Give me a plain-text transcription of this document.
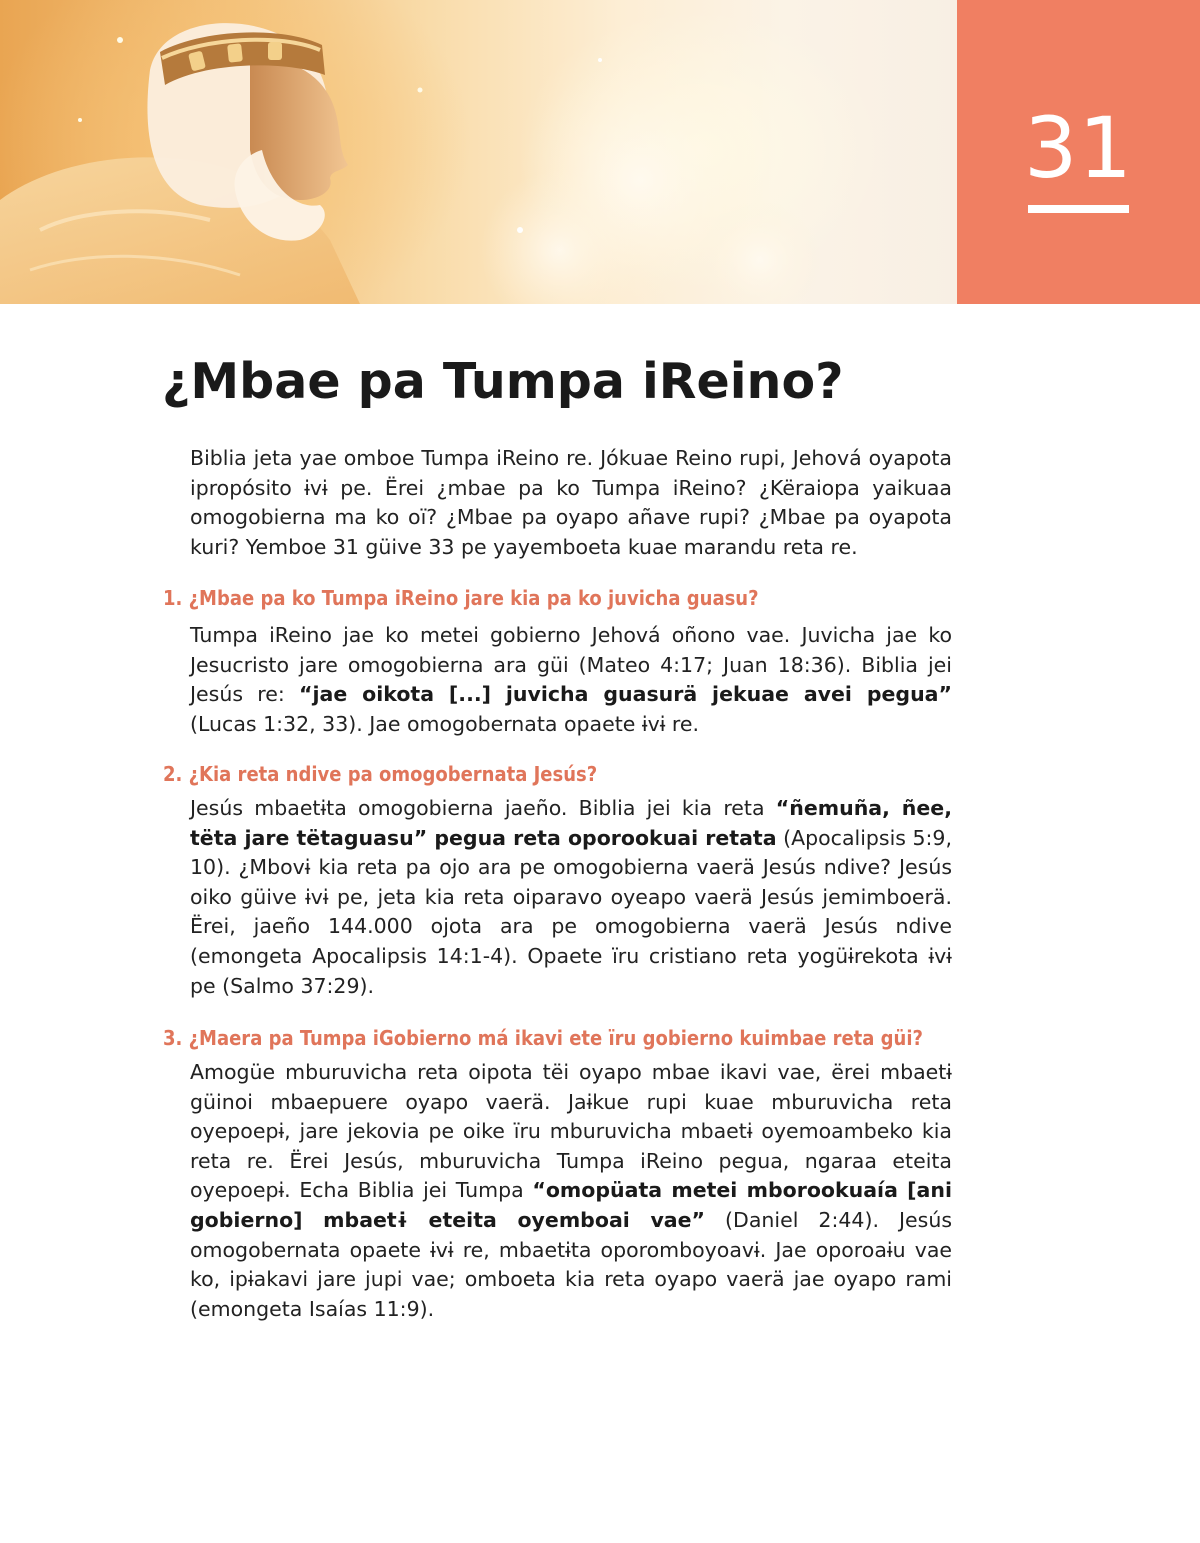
31
¿Mbae pa Tumpa iReino?

Biblia jeta yae omboe Tumpa iReino re. Jókuae Reino rupi, Jehová oyapota ipropósito ɨvɨ pe. Ërei ¿mbae pa ko Tumpa iReino? ¿Këraiopa yaikuaa omogobierna ma ko oï? ¿Mbae pa oyapo añave rupi? ¿Mbae pa oyapota kuri? Yemboe 31 güive 33 pe yayemboeta kuae marandu reta re.

1. ¿Mbae pa ko Tumpa iReino jare kia pa ko juvicha guasu?

Tumpa iReino jae ko metei gobierno Jehová oñono vae. Juvicha jae ko Jesucristo jare omogobierna ara güi (Mateo 4:17; Juan 18:36). Biblia jei Jesús re: “jae oikota [...] juvicha guasurä jekuae avei pegua” (Lucas 1:32, 33). Jae omogobernata opaete ɨvɨ re.

2. ¿Kia reta ndive pa omogobernata Jesús?

Jesús mbaetɨta omogobierna jaeño. Biblia jei kia reta “ñemuña, ñee, tëta jare tëtaguasu” pegua reta oporookuai retata (Apocalipsis 5:9, 10). ¿Mbovɨ kia reta pa ojo ara pe omogobierna vaerä Jesús ndive? Jesús oiko güive ɨvɨ pe, jeta kia reta oiparavo oyeapo vaerä Jesús jemimboerä. Ërei, jaeño 144.000 ojota ara pe omogobierna vaerä Jesús ndive (emongeta Apocalipsis 14:1-4). Opaete ïru cristiano reta yogüɨrekota ɨvɨ pe (Salmo 37:29).

3. ¿Maera pa Tumpa iGobierno má ikavi ete ïru gobierno kuimbae reta güi?

Amogüe mburuvicha reta oipota tëi oyapo mbae ikavi vae, ërei mbaetɨ güinoi mbaepuere oyapo vaerä. Jaɨkue rupi kuae mburuvicha reta oyepoepɨ, jare jekovia pe oike ïru mburuvicha mbaetɨ oyemoambeko kia reta re. Ërei Jesús, mburuvicha Tumpa iReino pegua, ngaraa eteita oyepoepɨ. Echa Biblia jei Tumpa “omopüata metei mborookuaía [ani gobierno] mbaetɨ eteita oyemboai vae” (Daniel 2:44). Jesús omogobernata opaete ɨvɨ re, mbaetɨta oporomboyoavɨ. Jae oporoaɨu vae ko, ipɨakavi jare jupi vae; omboeta kia reta oyapo vaerä jae oyapo rami (emongeta Isaías 11:9).
